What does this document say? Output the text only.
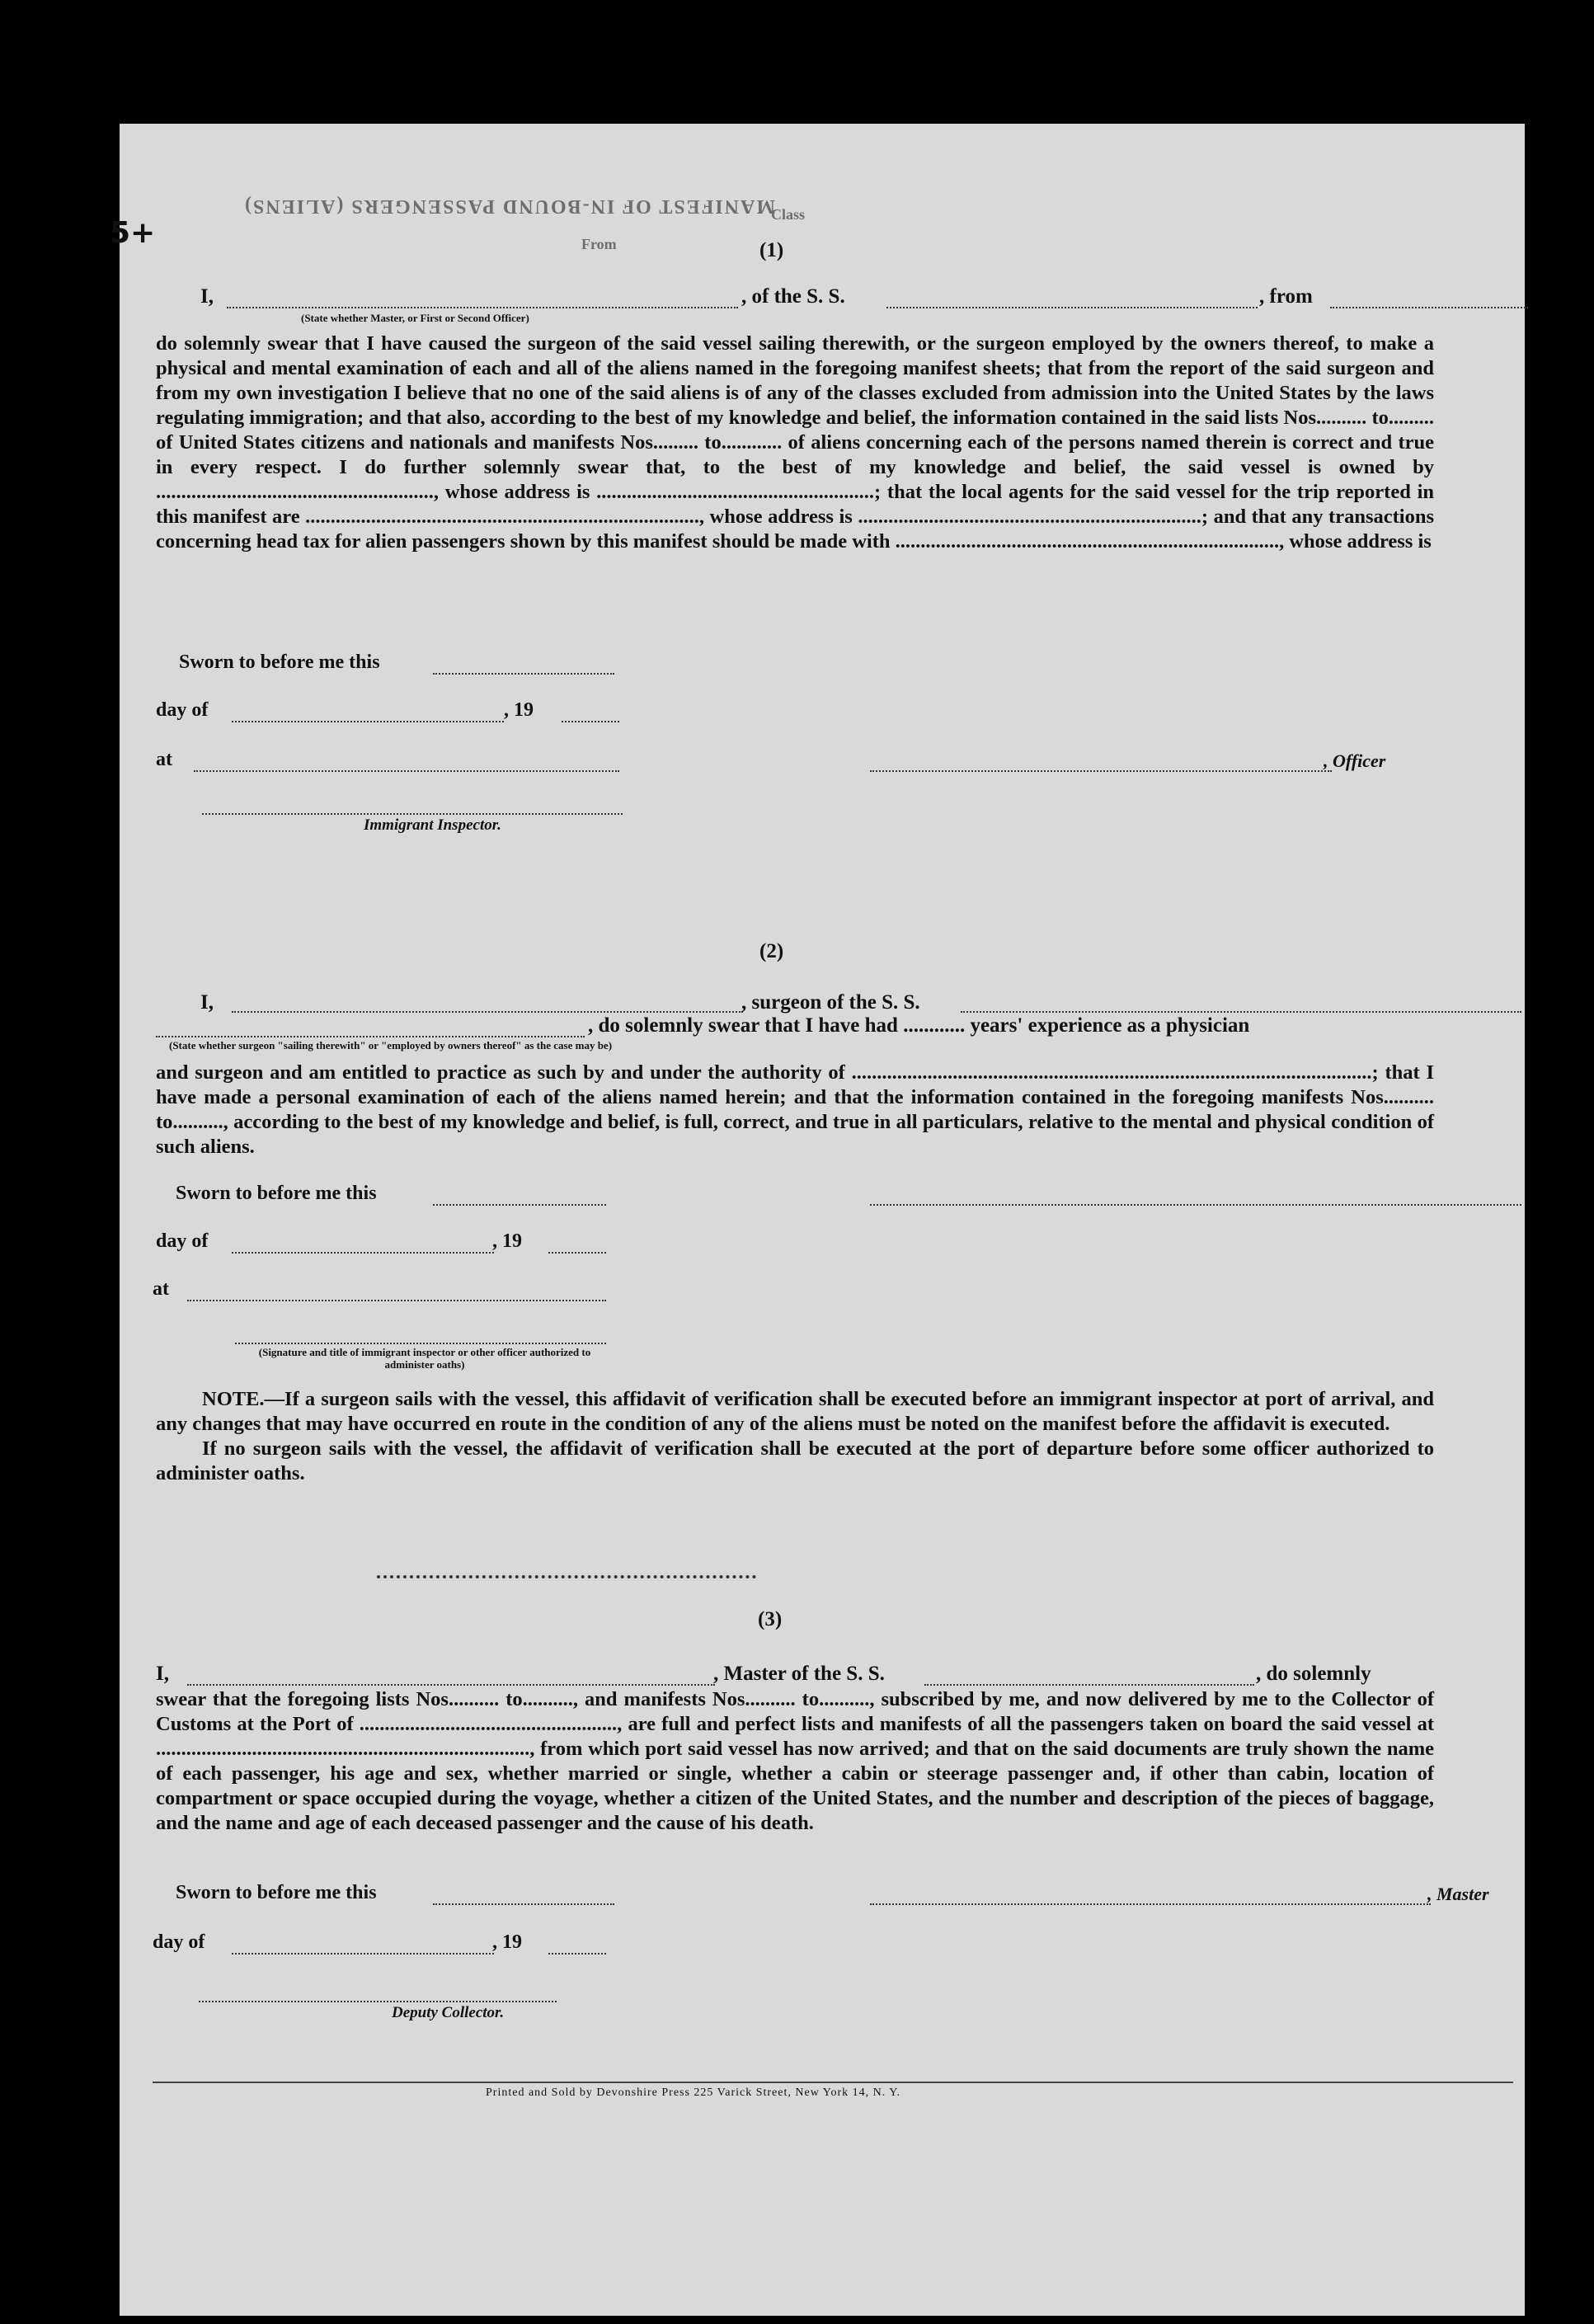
MANIFEST OF IN-BOUND PASSENGERS (ALIENS)
5+
Class
From	(1)
I,	, of the S. S.	, from
(State whether Master, or First or Second Officer)

do solemnly swear that I have caused the surgeon of the said vessel sailing therewith, or the surgeon employed by the owners thereof, to make a physical and mental examination of each and all of the aliens named in the foregoing manifest sheets; that from the report of the said surgeon and from my own investigation I believe that no one of the said aliens is of any of the classes excluded from admission into the United States by the laws regulating immigration; and that also, according to the best of my knowledge and belief, the information contained in the said lists Nos.......... to......... of United States citizens and nationals and manifests Nos......... to............ of aliens concerning each of the persons named therein is correct and true in every respect. I do further solemnly swear that, to the best of my knowledge and belief, the said vessel is owned by ......................................................., whose address is .......................................................; that the local agents for the said vessel for the trip reported in this manifest are .............................................................................., whose address is ....................................................................; and that any transactions concerning head tax for alien passengers shown by this manifest should be made with ............................................................................, whose address is

Sworn to before me this
day of	, 19
at	, Officer
Immigrant Inspector.
(2)
I,	, surgeon of the S. S.
, do solemnly swear that I have had ............ years' experience as a physician
(State whether surgeon "sailing therewith" or "employed by owners thereof" as the case may be)

and surgeon and am entitled to practice as such by and under the authority of .......................................................................................................; that I have made a personal examination of each of the aliens named herein; and that the information contained in the foregoing manifests Nos.......... to.........., according to the best of my knowledge and belief, is full, correct, and true in all particulars, relative to the mental and physical condition of such aliens.

Sworn to before me this
day of	, 19
at
(Signature and title of immigrant inspector or other officer authorized to administer oaths)

NOTE.—If a surgeon sails with the vessel, this affidavit of verification shall be executed before an immigrant inspector at port of arrival, and any changes that may have occurred en route in the condition of any of the aliens must be noted on the manifest before the affidavit is executed.

If no surgeon sails with the vessel, the affidavit of verification shall be executed at the port of departure before some officer authorized to administer oaths.

(3)
I,	, Master of the S. S.	, do solemnly

swear that the foregoing lists Nos.......... to.........., and manifests Nos.......... to.........., subscribed by me, and now delivered by me to the Collector of Customs at the Port of ..................................................., are full and perfect lists and manifests of all the passengers taken on board the said vessel at .........................................................................., from which port said vessel has now arrived; and that on the said documents are truly shown the name of each passenger, his age and sex, whether married or single, whether a cabin or steerage passenger and, if other than cabin, location of compartment or space occupied during the voyage, whether a citizen of the United States, and the number and description of the pieces of baggage, and the name and age of each deceased passenger and the cause of his death.

Sworn to before me this	, Master
day of	, 19
Deputy Collector.
Printed and Sold by Devonshire Press 225 Varick Street, New York 14, N. Y.
